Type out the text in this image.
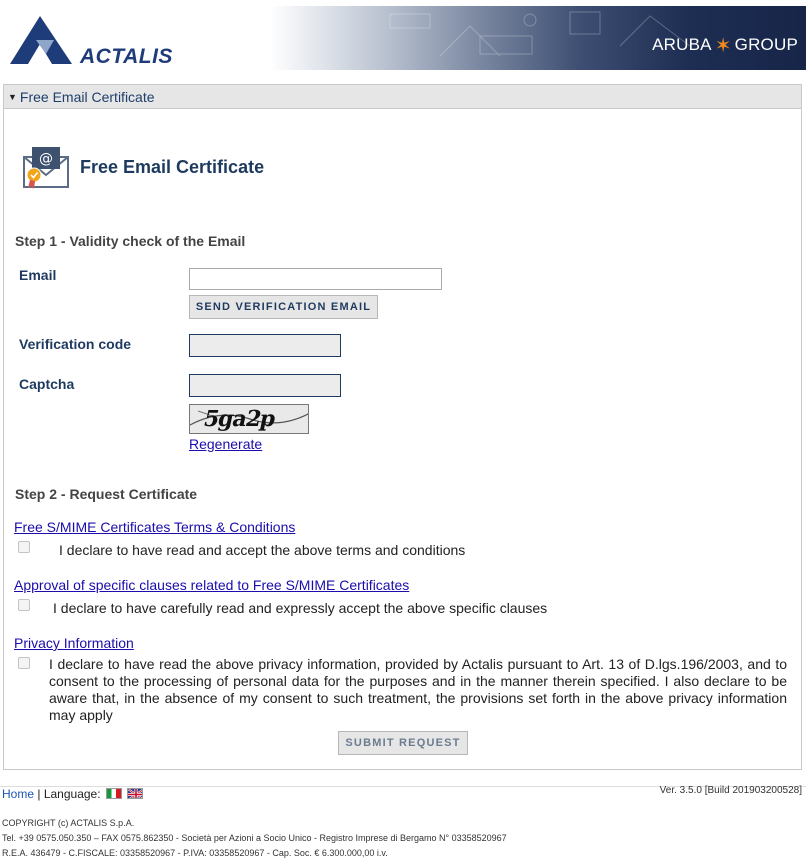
ACTALIS
ARUBA ✶ GROUP
▼ Free Email Certificate
@ Free Email Certificate
Step 1 - Validity check of the Email
Email
SEND VERIFICATION EMAIL
Verification code
Captcha
5ga2p
Regenerate
Step 2 - Request Certificate
Free S/MIME Certificates Terms & Conditions
I declare to have read and accept the above terms and conditions
Approval of specific clauses related to Free S/MIME Certificates
I declare to have carefully read and expressly accept the above specific clauses
Privacy Information
I declare to have read the above privacy information, provided by Actalis pursuant to Art. 13 of D.lgs.196/2003, and to consent to the processing of personal data for the purposes and in the manner therein specified. I also declare to be aware that, in the absence of my consent to such treatment, the provisions set forth in the above privacy information may apply
SUBMIT REQUEST
Home | Language:	Ver. 3.5.0 [Build 201903200528]
COPYRIGHT (c) ACTALIS S.p.A.
Tel. +39 0575.050.350 – FAX 0575.862350 - Società per Azioni a Socio Unico - Registro Imprese di Bergamo N° 03358520967
R.E.A. 436479 - C.FISCALE: 03358520967 - P.IVA: 03358520967 - Cap. Soc. € 6.300.000,00 i.v.
